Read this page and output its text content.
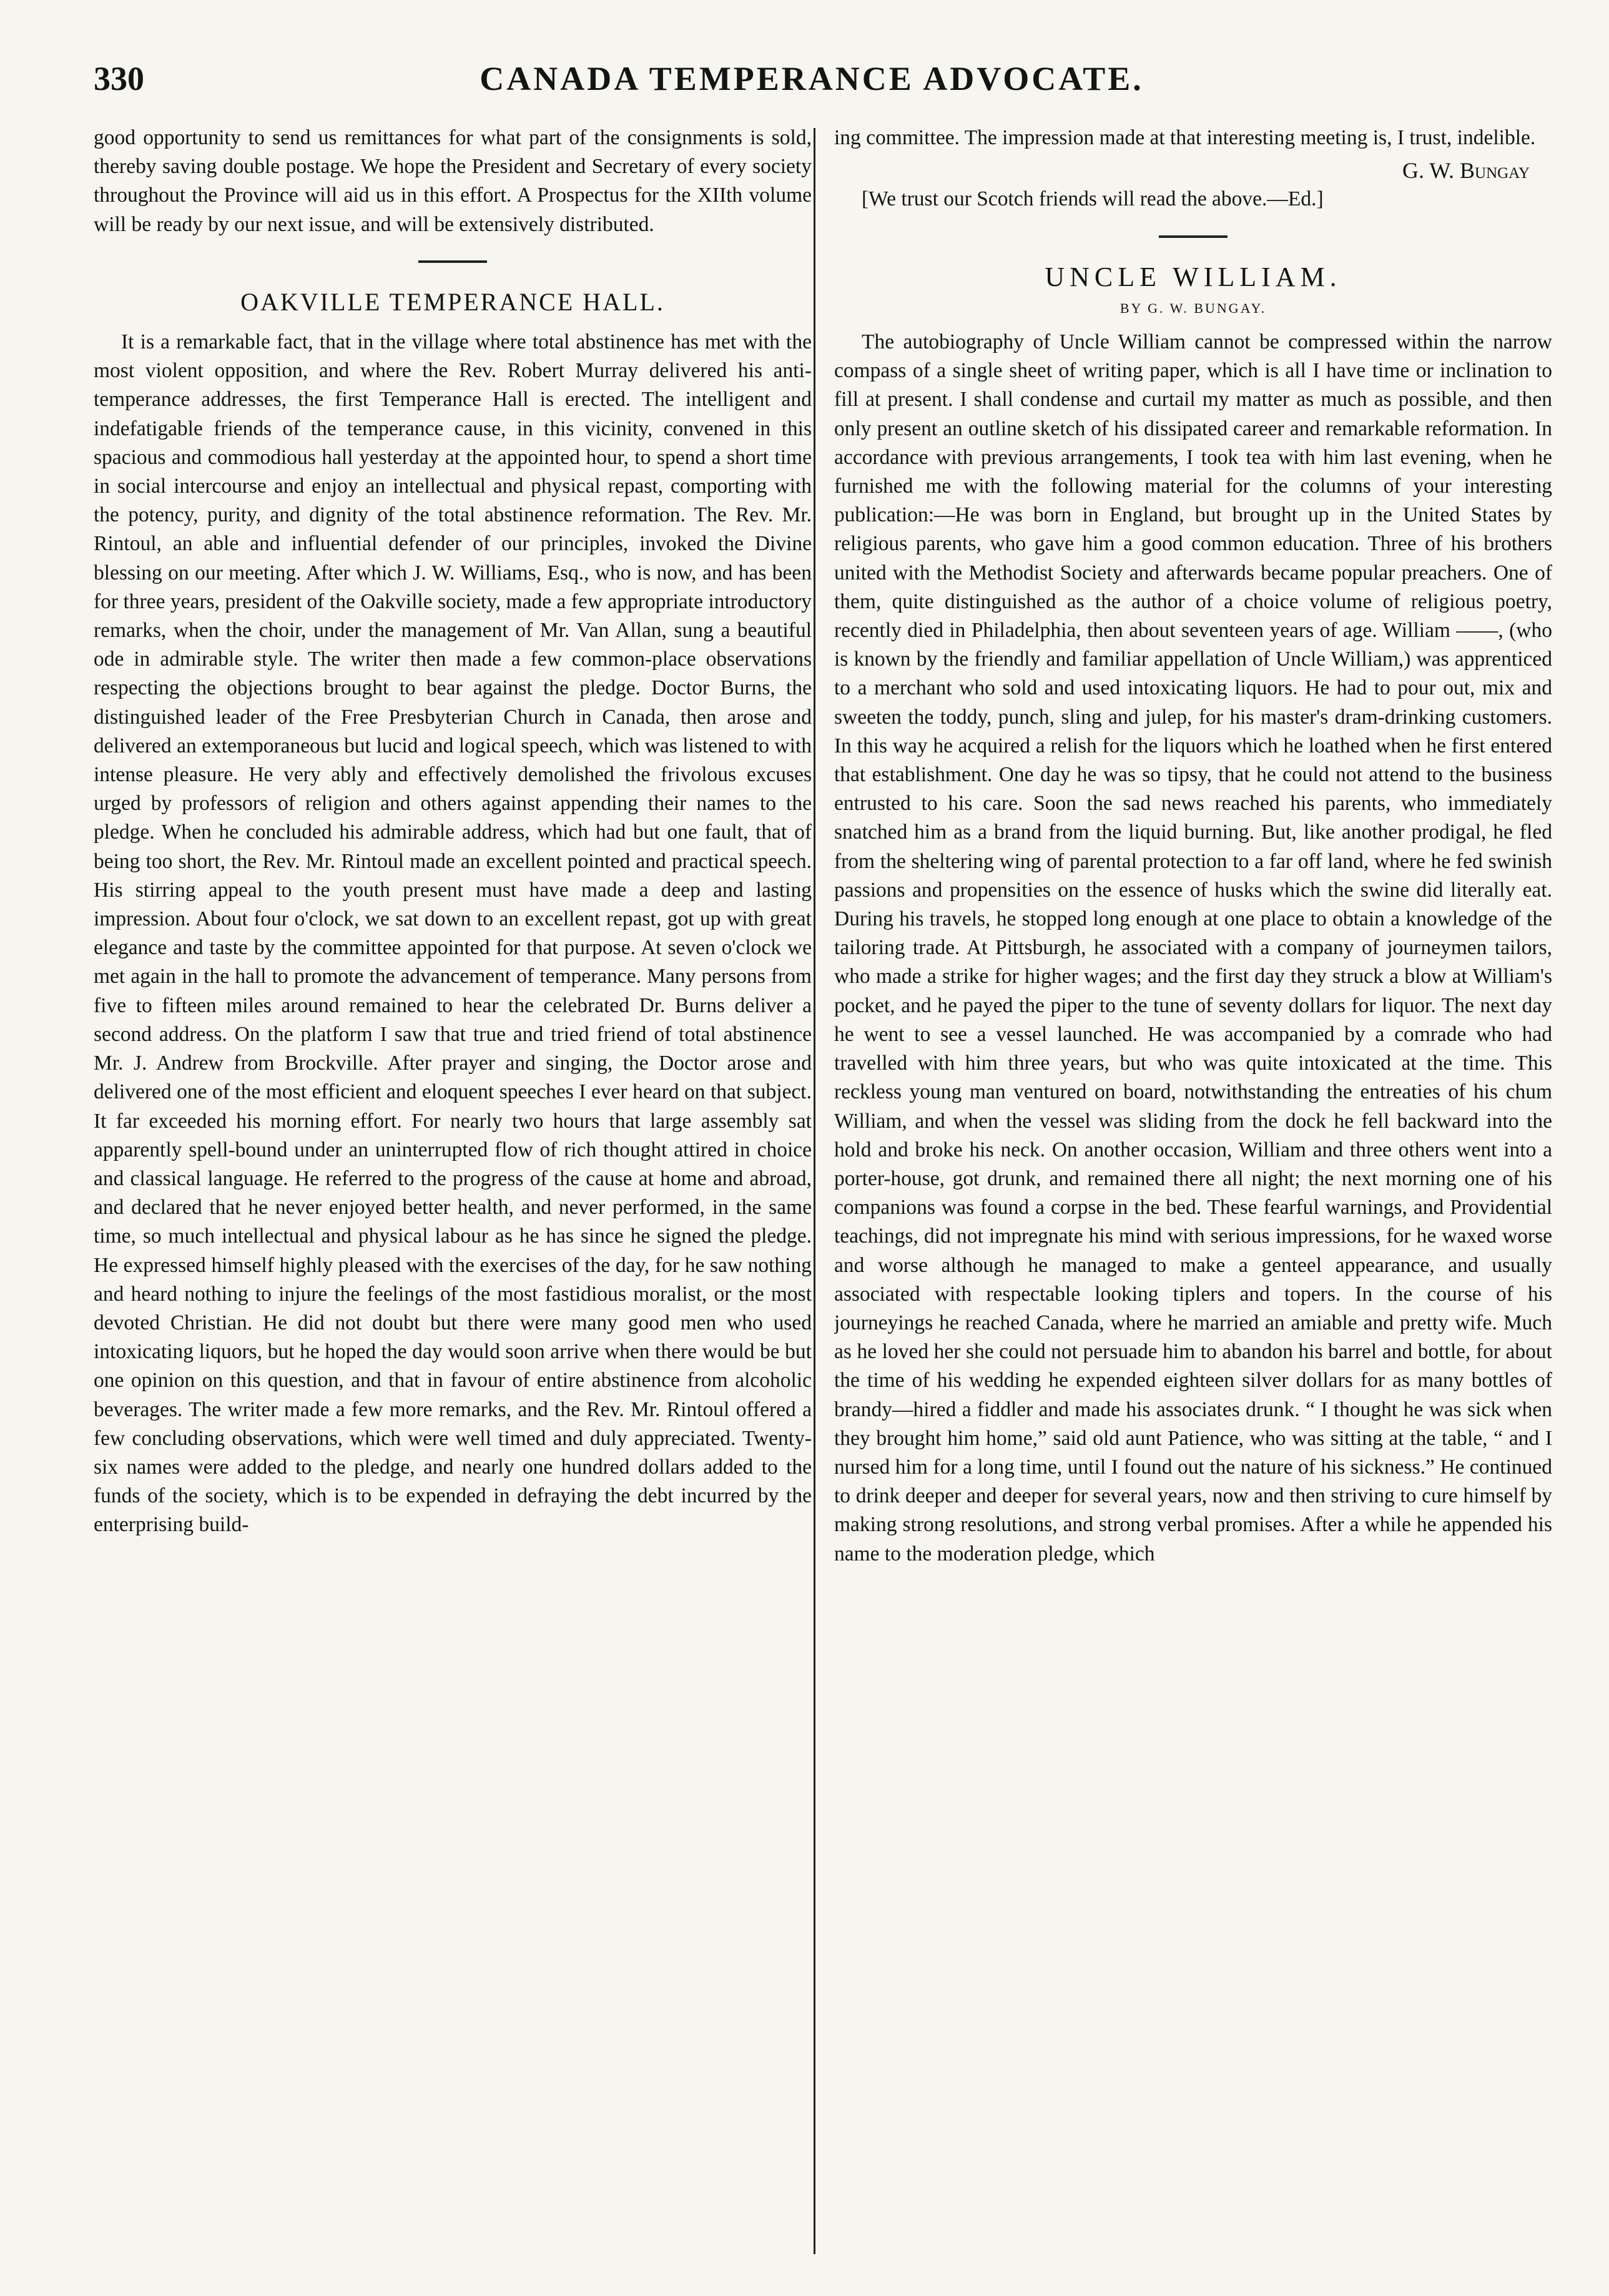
330	CANADA TEMPERANCE ADVOCATE.

good opportunity to send us remittances for what part of the consignments is sold, thereby saving double postage. We hope the President and Secretary of every society throughout the Province will aid us in this effort. A Prospectus for the XIIth volume will be ready by our next issue, and will be extensively distributed.

OAKVILLE TEMPERANCE HALL.

It is a remarkable fact, that in the village where total abstinence has met with the most violent opposition, and where the Rev. Robert Murray delivered his anti-temperance addresses, the first Temperance Hall is erected. The intelligent and indefatigable friends of the temperance cause, in this vicinity, convened in this spacious and commodious hall yesterday at the appointed hour, to spend a short time in social intercourse and enjoy an intellectual and physical repast, comporting with the potency, purity, and dignity of the total abstinence reformation. The Rev. Mr. Rintoul, an able and influential defender of our principles, invoked the Divine blessing on our meeting. After which J. W. Williams, Esq., who is now, and has been for three years, president of the Oakville society, made a few appropriate introductory remarks, when the choir, under the management of Mr. Van Allan, sung a beautiful ode in admirable style. The writer then made a few common-place observations respecting the objections brought to bear against the pledge. Doctor Burns, the distinguished leader of the Free Presbyterian Church in Canada, then arose and delivered an extemporaneous but lucid and logical speech, which was listened to with intense pleasure. He very ably and effectively demolished the frivolous excuses urged by professors of religion and others against appending their names to the pledge. When he concluded his admirable address, which had but one fault, that of being too short, the Rev. Mr. Rintoul made an excellent pointed and practical speech. His stirring appeal to the youth present must have made a deep and lasting impression. About four o'clock, we sat down to an excellent repast, got up with great elegance and taste by the committee appointed for that purpose. At seven o'clock we met again in the hall to promote the advancement of temperance. Many persons from five to fifteen miles around remained to hear the celebrated Dr. Burns deliver a second address. On the platform I saw that true and tried friend of total abstinence Mr. J. Andrew from Brockville. After prayer and singing, the Doctor arose and delivered one of the most efficient and eloquent speeches I ever heard on that subject. It far exceeded his morning effort. For nearly two hours that large assembly sat apparently spell-bound under an uninterrupted flow of rich thought attired in choice and classical language. He referred to the progress of the cause at home and abroad, and declared that he never enjoyed better health, and never performed, in the same time, so much intellectual and physical labour as he has since he signed the pledge. He expressed himself highly pleased with the exercises of the day, for he saw nothing and heard nothing to injure the feelings of the most fastidious moralist, or the most devoted Christian. He did not doubt but there were many good men who used intoxicating liquors, but he hoped the day would soon arrive when there would be but one opinion on this question, and that in favour of entire abstinence from alcoholic beverages. The writer made a few more remarks, and the Rev. Mr. Rintoul offered a few concluding observations, which were well timed and duly appreciated. Twenty-six names were added to the pledge, and nearly one hundred dollars added to the funds of the society, which is to be expended in defraying the debt incurred by the enterprising build-

ing committee. The impression made at that interesting meeting is, I trust, indelible.

G. W. Bungay

[We trust our Scotch friends will read the above.—Ed.]

UNCLE WILLIAM.
BY G. W. BUNGAY.

The autobiography of Uncle William cannot be compressed within the narrow compass of a single sheet of writing paper, which is all I have time or inclination to fill at present. I shall condense and curtail my matter as much as possible, and then only present an outline sketch of his dissipated career and remarkable reformation. In accordance with previous arrangements, I took tea with him last evening, when he furnished me with the following material for the columns of your interesting publication:—He was born in England, but brought up in the United States by religious parents, who gave him a good common education. Three of his brothers united with the Methodist Society and afterwards became popular preachers. One of them, quite distinguished as the author of a choice volume of religious poetry, recently died in Philadelphia, then about seventeen years of age. William ——, (who is known by the friendly and familiar appellation of Uncle William,) was apprenticed to a merchant who sold and used intoxicating liquors. He had to pour out, mix and sweeten the toddy, punch, sling and julep, for his master's dram-drinking customers. In this way he acquired a relish for the liquors which he loathed when he first entered that establishment. One day he was so tipsy, that he could not attend to the business entrusted to his care. Soon the sad news reached his parents, who immediately snatched him as a brand from the liquid burning. But, like another prodigal, he fled from the sheltering wing of parental protection to a far off land, where he fed swinish passions and propensities on the essence of husks which the swine did literally eat. During his travels, he stopped long enough at one place to obtain a knowledge of the tailoring trade. At Pittsburgh, he associated with a company of journeymen tailors, who made a strike for higher wages; and the first day they struck a blow at William's pocket, and he payed the piper to the tune of seventy dollars for liquor. The next day he went to see a vessel launched. He was accompanied by a comrade who had travelled with him three years, but who was quite intoxicated at the time. This reckless young man ventured on board, notwithstanding the entreaties of his chum William, and when the vessel was sliding from the dock he fell backward into the hold and broke his neck. On another occasion, William and three others went into a porter-house, got drunk, and remained there all night; the next morning one of his companions was found a corpse in the bed. These fearful warnings, and Providential teachings, did not impregnate his mind with serious impressions, for he waxed worse and worse although he managed to make a genteel appearance, and usually associated with respectable looking tiplers and topers. In the course of his journeyings he reached Canada, where he married an amiable and pretty wife. Much as he loved her she could not persuade him to abandon his barrel and bottle, for about the time of his wedding he expended eighteen silver dollars for as many bottles of brandy—hired a fiddler and made his associates drunk. “ I thought he was sick when they brought him home,” said old aunt Patience, who was sitting at the table, “ and I nursed him for a long time, until I found out the nature of his sickness.” He continued to drink deeper and deeper for several years, now and then striving to cure himself by making strong resolutions, and strong verbal promises. After a while he appended his name to the moderation pledge, which
